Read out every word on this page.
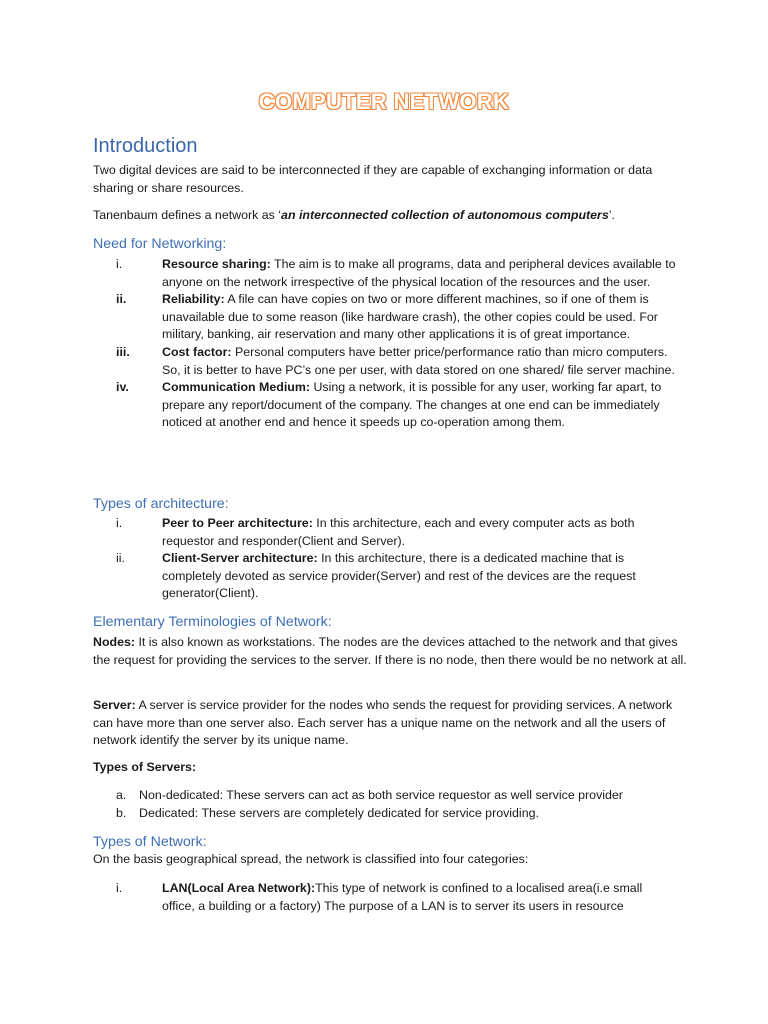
COMPUTER NETWORK
Introduction

Two digital devices are said to be interconnected if they are capable of exchanging information or data sharing or share resources.

Tanenbaum defines a network as ‘an interconnected collection of autonomous computers’.

Need for Networking:
i.	Resource sharing: The aim is to make all programs, data and peripheral devices available to anyone on the network irrespective of the physical location of the resources and the user.
ii.	Reliability: A file can have copies on two or more different machines, so if one of them is unavailable due to some reason (like hardware crash), the other copies could be used. For military, banking, air reservation and many other applications it is of great importance.
iii.	Cost factor: Personal computers have better price/performance ratio than micro computers. So, it is better to have PC’s one per user, with data stored on one shared/ file server machine.
iv.	Communication Medium: Using a network, it is possible for any user, working far apart, to prepare any report/document of the company. The changes at one end can be immediately noticed at another end and hence it speeds up co-operation among them.
Types of architecture:
i.	Peer to Peer architecture: In this architecture, each and every computer acts as both requestor and responder(Client and Server).
ii.	Client-Server architecture: In this architecture, there is a dedicated machine that is completely devoted as service provider(Server) and rest of the devices are the request generator(Client).
Elementary Terminologies of Network:

Nodes: It is also known as workstations. The nodes are the devices attached to the network and that gives the request for providing the services to the server. If there is no node, then there would be no network at all.

Server: A server is service provider for the nodes who sends the request for providing services. A network can have more than one server also. Each server has a unique name on the network and all the users of network identify the server by its unique name.

Types of Servers:

a. Non-dedicated: These servers can act as both service requestor as well service provider
b. Dedicated: These servers are completely dedicated for service providing.
Types of Network:

On the basis geographical spread, the network is classified into four categories:

i.	LAN(Local Area Network):This type of network is confined to a localised area(i.e small office, a building or a factory) The purpose of a LAN is to server its users in resource
